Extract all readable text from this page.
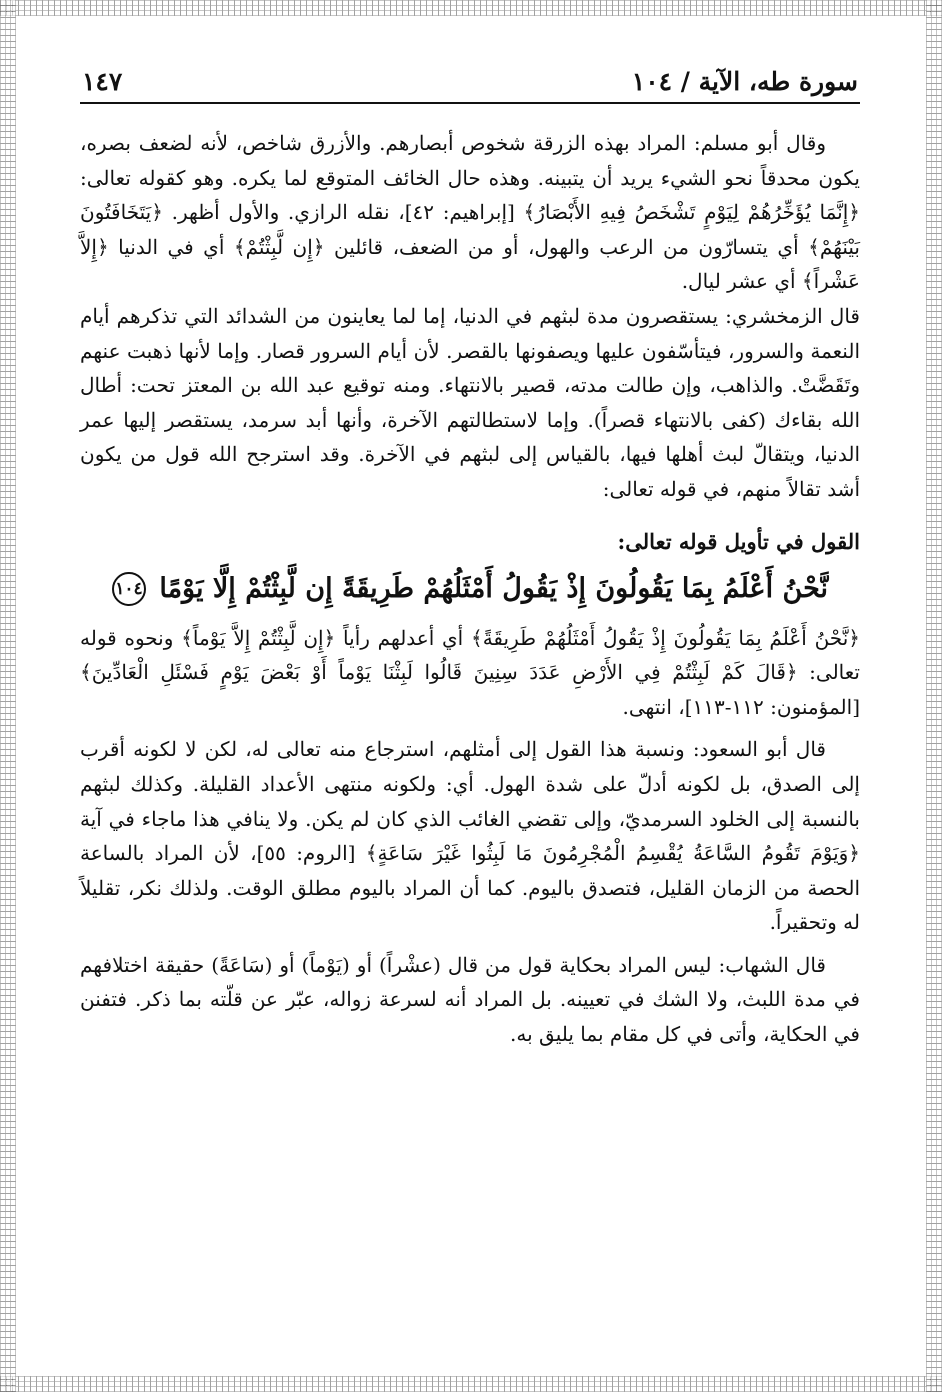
سورة طه، الآية / ١٠٤
١٤٧

وقال أبو مسلم: المراد بهذه الزرقة شخوص أبصارهم. والأزرق شاخص، لأنه لضعف بصره، يكون محدقاً نحو الشيء يريد أن يتبينه. وهذه حال الخائف المتوقع لما يكره. وهو كقوله تعالى: ﴿إِنَّمَا يُؤَخِّرُهُمْ لِيَوْمٍ تَشْخَصُ فِيهِ الأَبْصَارُ﴾ [إبراهيم: ٤٢]، نقله الرازي. والأول أظهر. ﴿يَتَخَافَتُونَ بَيْنَهُمْ﴾ أي يتسارّون من الرعب والهول، أو من الضعف، قائلين ﴿إِن لَّبِثْتُمْ﴾ أي في الدنيا ﴿إِلاَّ عَشْراً﴾ أي عشر ليال.

قال الزمخشري: يستقصرون مدة لبثهم في الدنيا، إما لما يعاينون من الشدائد التي تذكرهم أيام النعمة والسرور، فيتأسّفون عليها ويصفونها بالقصر. لأن أيام السرور قصار. وإما لأنها ذهبت عنهم وتَقَضَّتْ. والذاهب، وإن طالت مدته، قصير بالانتهاء. ومنه توقيع عبد الله بن المعتز تحت: أطال الله بقاءك (كفى بالانتهاء قصراً). وإما لاستطالتهم الآخرة، وأنها أبد سرمد، يستقصر إليها عمر الدنيا، ويتقالّ لبث أهلها فيها، بالقياس إلى لبثهم في الآخرة. وقد استرجح الله قول من يكون أشد تقالاً منهم، في قوله تعالى:

القول في تأويل قوله تعالى:

نَّحْنُ أَعْلَمُ بِمَا يَقُولُونَ إِذْ يَقُولُ أَمْثَلُهُمْ طَرِيقَةً إِن لَّبِثْتُمْ إِلَّا يَوْمًا ١٠٤

﴿نَّحْنُ أَعْلَمُ بِمَا يَقُولُونَ إِذْ يَقُولُ أَمْثَلُهُمْ طَرِيقَةً﴾ أي أعدلهم رأياً ﴿إِن لَّبِثْتُمْ إِلاَّ يَوْماً﴾ ونحوه قوله تعالى: ﴿قَالَ كَمْ لَبِثْتُمْ فِي الأَرْضِ عَدَدَ سِنِينَ قَالُوا لَبِثْنَا يَوْماً أَوْ بَعْضَ يَوْمٍ فَسْئَلِ الْعَادِّينَ﴾ [المؤمنون: ١١٢-١١٣]، انتهى.

قال أبو السعود: ونسبة هذا القول إلى أمثلهم، استرجاع منه تعالى له، لكن لا لكونه أقرب إلى الصدق، بل لكونه أدلّ على شدة الهول. أي: ولكونه منتهى الأعداد القليلة. وكذلك لبثهم بالنسبة إلى الخلود السرمديّ، وإلى تقضي الغائب الذي كان لم يكن. ولا ينافي هذا ماجاء في آية ﴿وَيَوْمَ تَقُومُ السَّاعَةُ يُقْسِمُ الْمُجْرِمُونَ مَا لَبِثُوا غَيْرَ سَاعَةٍ﴾ [الروم: ٥٥]، لأن المراد بالساعة الحصة من الزمان القليل، فتصدق باليوم. كما أن المراد باليوم مطلق الوقت. ولذلك نكر، تقليلاً له وتحقيراً.

قال الشهاب: ليس المراد بحكاية قول من قال (عشْراً) أو (يَوْماً) أو (سَاعَةً) حقيقة اختلافهم في مدة اللبث، ولا الشك في تعيينه. بل المراد أنه لسرعة زواله، عبّر عن قلّته بما ذكر. فتفنن في الحكاية، وأتى في كل مقام بما يليق به.
